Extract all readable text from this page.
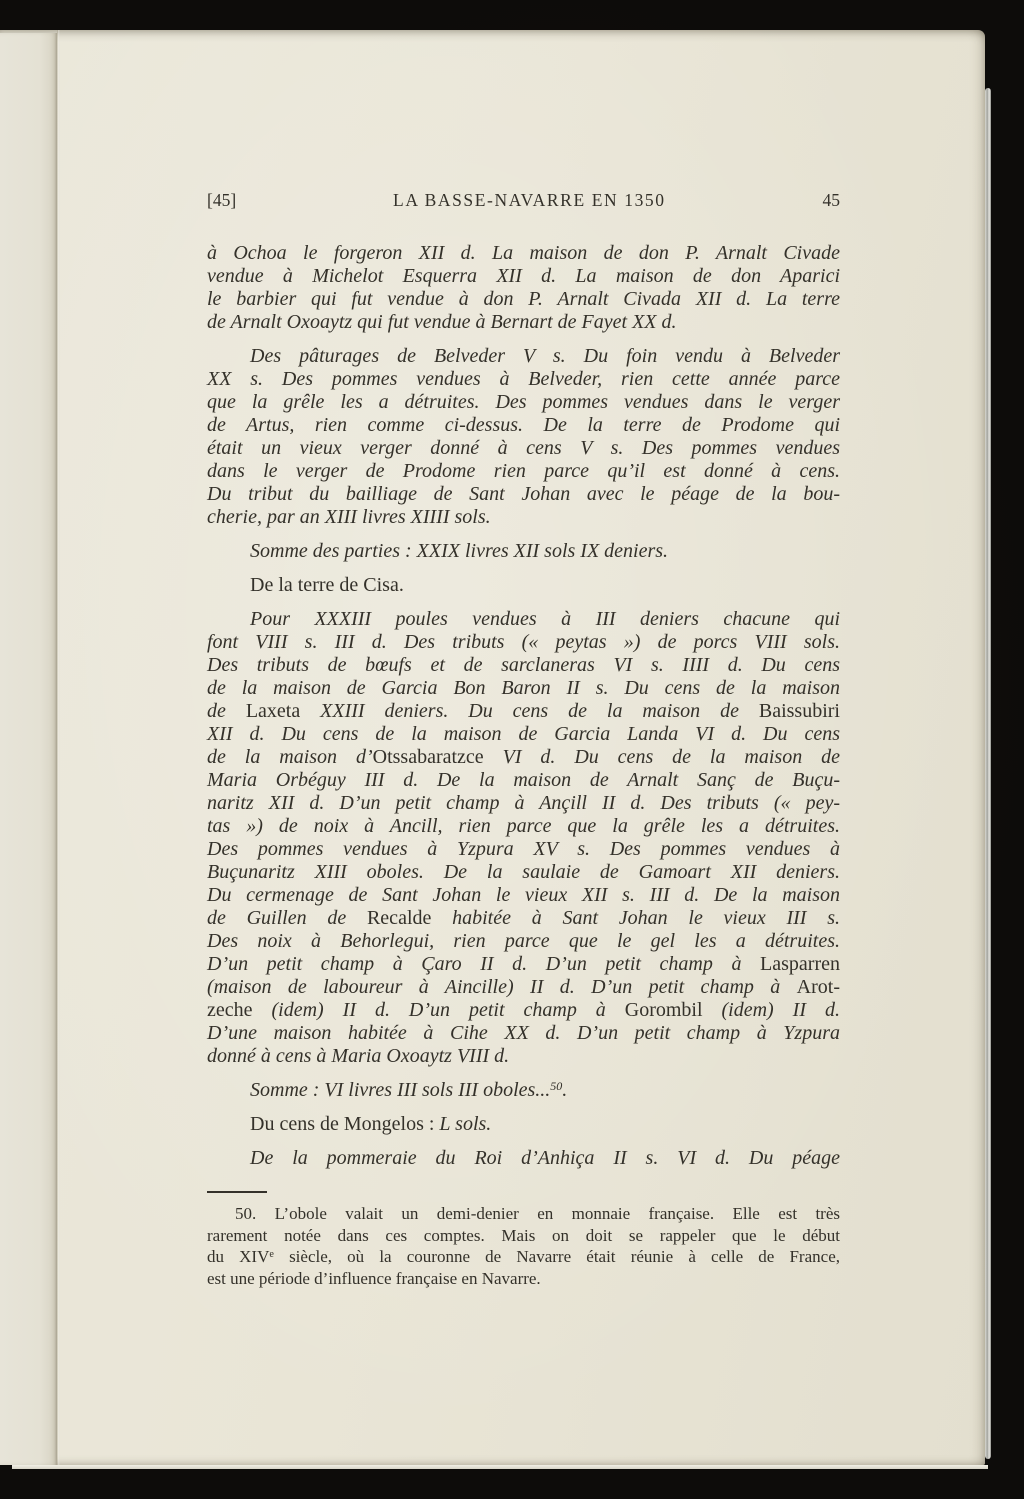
[45]	LA BASSE-NAVARRE EN 1350	45
à Ochoa le forgeron XII d. La maison de don P. Arnalt Civade
vendue à Michelot Esquerra XII d. La maison de don Aparici
le barbier qui fut vendue à don P. Arnalt Civada XII d. La terre
de Arnalt Oxoaytz qui fut vendue à Bernart de Fayet XX d.
Des pâturages de Belveder V s. Du foin vendu à Belveder
XX s. Des pommes vendues à Belveder, rien cette année parce
que la grêle les a détruites. Des pommes vendues dans le verger
de Artus, rien comme ci-dessus. De la terre de Prodome qui
était un vieux verger donné à cens V s. Des pommes vendues
dans le verger de Prodome rien parce qu’il est donné à cens.
Du tribut du bailliage de Sant Johan avec le péage de la bou-
cherie, par an XIII livres XIIII sols.
Somme des parties : XXIX livres XII sols IX deniers.
De la terre de Cisa.
Pour XXXIII poules vendues à III deniers chacune qui
font VIII s. III d. Des tributs (« peytas ») de porcs VIII sols.
Des tributs de bœufs et de sarclaneras VI s. IIII d. Du cens
de la maison de Garcia Bon Baron II s. Du cens de la maison
de Laxeta XXIII deniers. Du cens de la maison de Baissubiri
XII d. Du cens de la maison de Garcia Landa VI d. Du cens
de la maison d’Otssabaratzce VI d. Du cens de la maison de
Maria Orbéguy III d. De la maison de Arnalt Sanç de Buçu-
naritz XII d. D’un petit champ à Ançill II d. Des tributs (« pey-
tas ») de noix à Ancill, rien parce que la grêle les a détruites.
Des pommes vendues à Yzpura XV s. Des pommes vendues à
Buçunaritz XIII oboles. De la saulaie de Gamoart XII deniers.
Du cermenage de Sant Johan le vieux XII s. III d. De la maison
de Guillen de Recalde habitée à Sant Johan le vieux III s.
Des noix à Behorlegui, rien parce que le gel les a détruites.
D’un petit champ à Çaro II d. D’un petit champ à Lasparren
(maison de laboureur à Aincille) II d. D’un petit champ à Arot-
zeche (idem) II d. D’un petit champ à Gorombil (idem) II d.
D’une maison habitée à Cihe XX d. D’un petit champ à Yzpura
donné à cens à Maria Oxoaytz VIII d.
Somme : VI livres III sols III oboles...$^{50}$.
Du cens de Mongelos : L sols.
De la pommeraie du Roi d’Anhiça II s. VI d. Du péage
50. L’obole valait un demi-denier en monnaie française. Elle est très
rarement notée dans ces comptes. Mais on doit se rappeler que le début
du XIVe siècle, où la couronne de Navarre était réunie à celle de France,
est une période d’influence française en Navarre.
